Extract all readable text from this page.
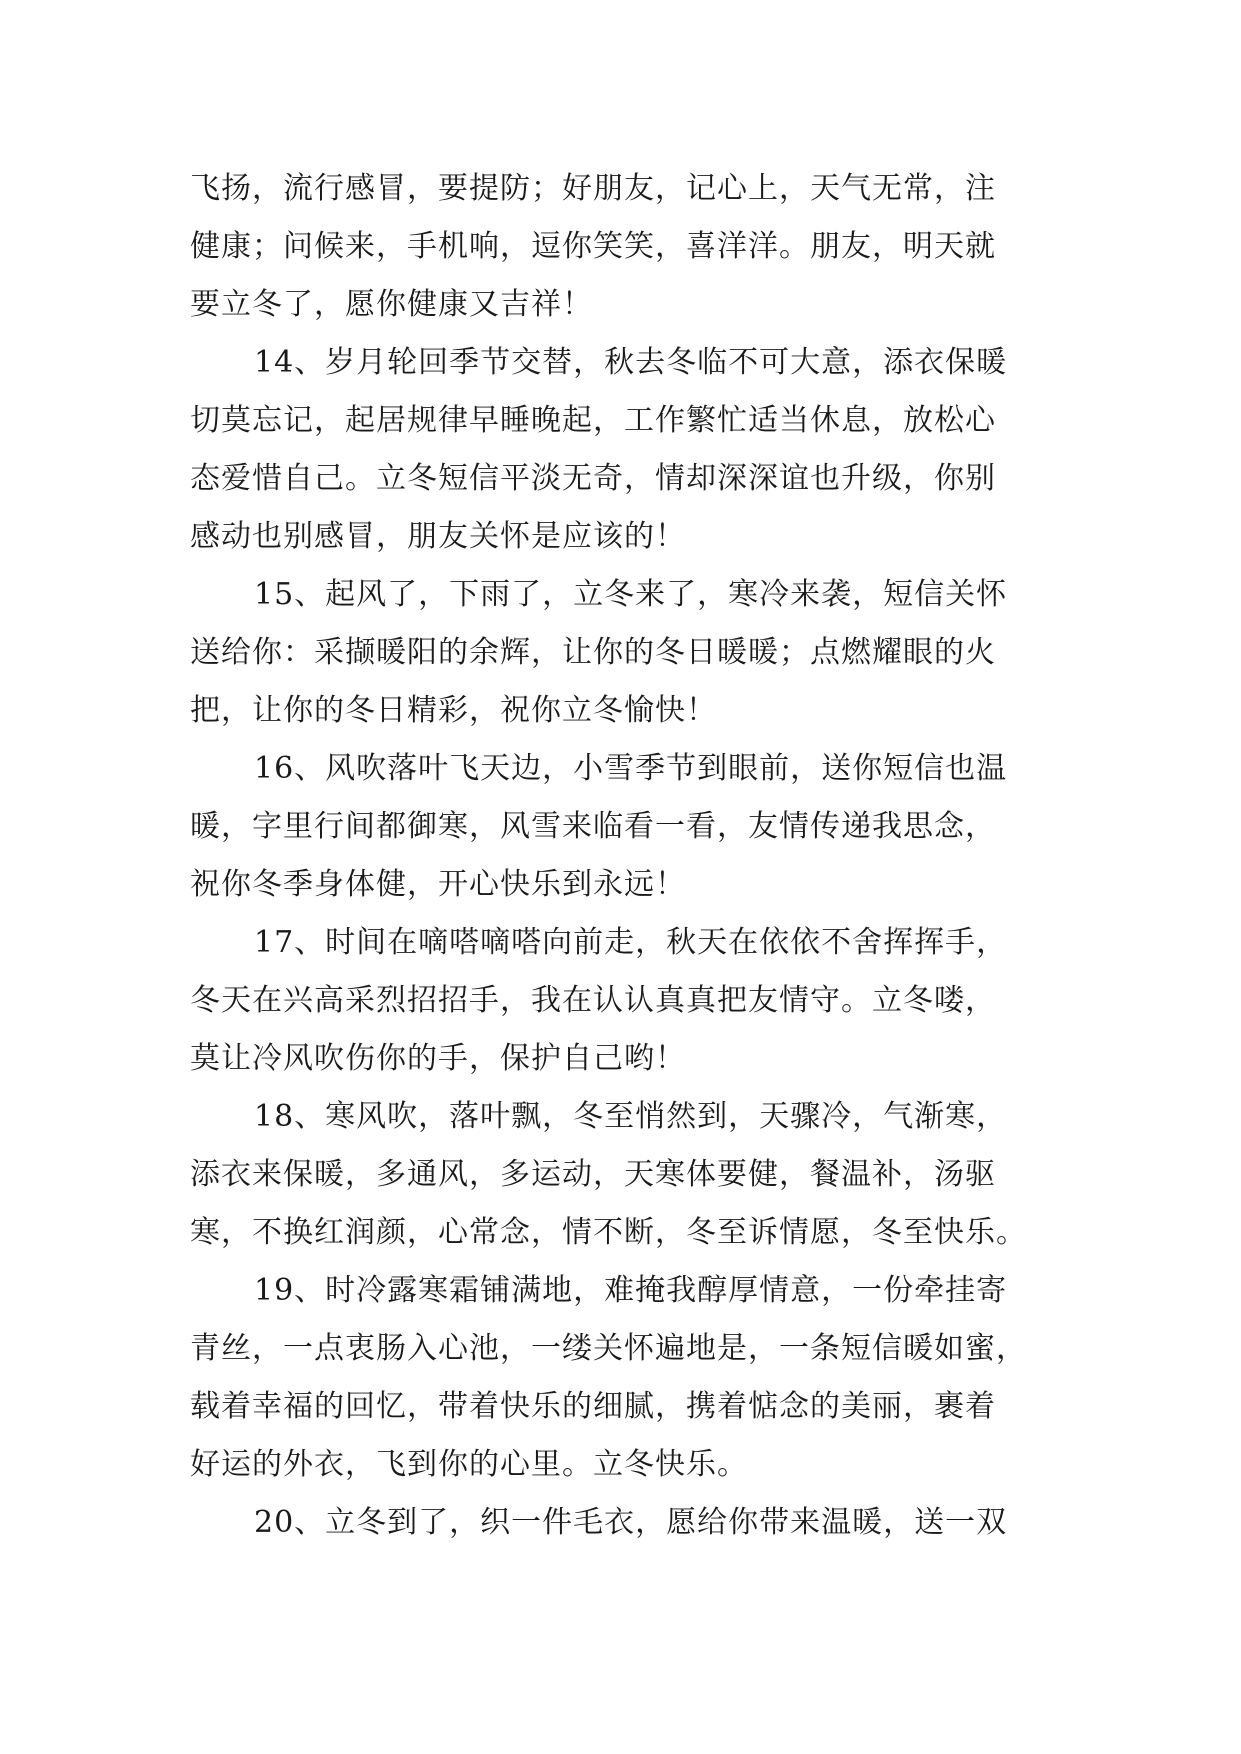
飞扬，流行感冒，要提防；好朋友，记心上，天气无常，注
健康；问候来，手机响，逗你笑笑，喜洋洋。朋友，明天就
要立冬了，愿你健康又吉祥！
14、岁月轮回季节交替，秋去冬临不可大意，添衣保暖
切莫忘记，起居规律早睡晚起，工作繁忙适当休息，放松心
态爱惜自己。立冬短信平淡无奇，情却深深谊也升级，你别
感动也别感冒，朋友关怀是应该的！
15、起风了，下雨了，立冬来了，寒冷来袭，短信关怀
送给你：采撷暖阳的余辉，让你的冬日暖暖；点燃耀眼的火
把，让你的冬日精彩，祝你立冬愉快！
16、风吹落叶飞天边，小雪季节到眼前，送你短信也温
暖，字里行间都御寒，风雪来临看一看，友情传递我思念，
祝你冬季身体健，开心快乐到永远！
17、时间在嘀嗒嘀嗒向前走，秋天在依依不舍挥挥手，
冬天在兴高采烈招招手，我在认认真真把友情守。立冬喽，
莫让冷风吹伤你的手，保护自己哟！
18、寒风吹，落叶飘，冬至悄然到，天骤冷，气渐寒，
添衣来保暖，多通风，多运动，天寒体要健，餐温补，汤驱
寒，不换红润颜，心常念，情不断，冬至诉情愿，冬至快乐。
19、时冷露寒霜铺满地，难掩我醇厚情意，一份牵挂寄
青丝，一点衷肠入心池，一缕关怀遍地是，一条短信暖如蜜，
载着幸福的回忆，带着快乐的细腻，携着惦念的美丽，裹着
好运的外衣，飞到你的心里。立冬快乐。
20、立冬到了，织一件毛衣，愿给你带来温暖，送一双
